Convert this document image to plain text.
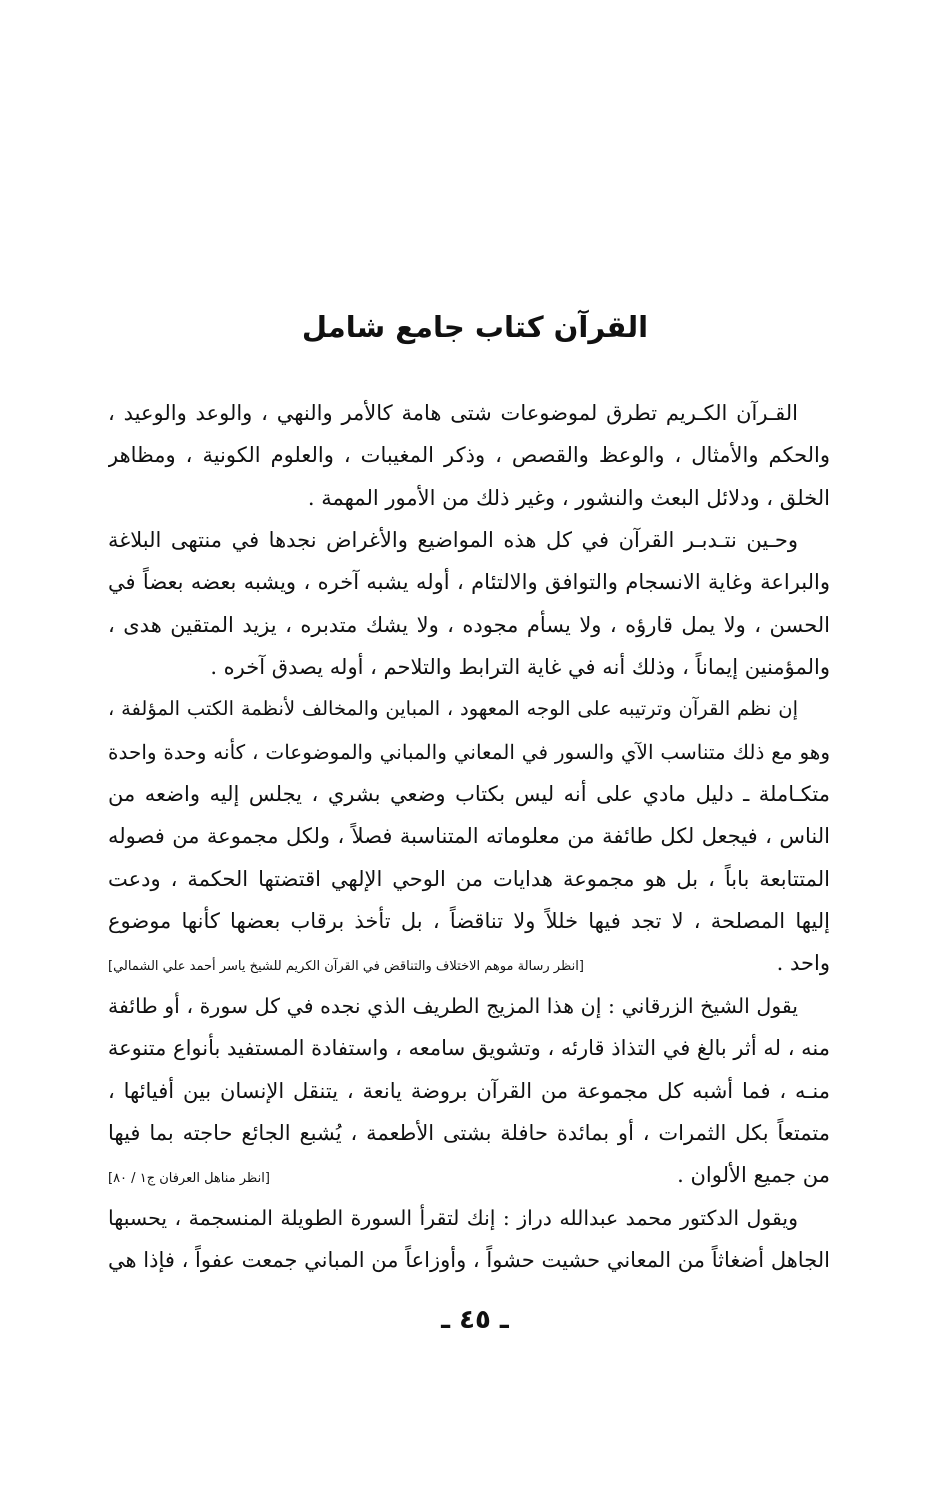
القرآن كتاب جامع شامل
القـرآن الكـريم تطرق لموضوعات شتى هامة كالأمر والنهي ، والوعد والوعيد ،
والحكم والأمثال ، والوعظ والقصص ، وذكر المغيبات ، والعلوم الكونية ، ومظاهر
الخلق ، ودلائل البعث والنشور ، وغير ذلك من الأمور المهمة .
وحـين نتـدبـر القرآن في كل هذه المواضيع والأغراض نجدها في منتهى البلاغة
والبراعة وغاية الانسجام والتوافق والالتئام ، أوله يشبه آخره ، ويشبه بعضه بعضاً في
الحسن ، ولا يمل قارؤه ، ولا يسأم مجوده ، ولا يشك متدبره ، يزيد المتقين هدى ،
والمؤمنين إيماناً ، وذلك أنه في غاية الترابط والتلاحم ، أوله يصدق آخره .
إن نظم القرآن وترتيبه على الوجه المعهود ، المباين والمخالف لأنظمة الكتب المؤلفة ،
وهو مع ذلك متناسب الآي والسور في المعاني والمباني والموضوعات ، كأنه وحدة واحدة
متكـاملة ـ دليل مادي على أنه ليس بكتاب وضعي بشري ، يجلس إليه واضعه من
الناس ، فيجعل لكل طائفة من معلوماته المتناسبة فصلاً ، ولكل مجموعة من فصوله
المتتابعة باباً ، بل هو مجموعة هدايات من الوحي الإلهي اقتضتها الحكمة ، ودعت
إليها المصلحة ، لا تجد فيها خللاً ولا تناقضاً ، بل تأخذ برقاب بعضها كأنها موضوع
واحد .
[انظر رسالة موهم الاختلاف والتناقض في القرآن الكريم للشيخ ياسر أحمد علي الشمالي]
يقول الشيخ الزرقاني : إن هذا المزيج الطريف الذي نجده في كل سورة ، أو طائفة
منه ، له أثر بالغ في التذاذ قارئه ، وتشويق سامعه ، واستفادة المستفيد بأنواع متنوعة
منـه ، فما أشبه كل مجموعة من القرآن بروضة يانعة ، يتنقل الإنسان بين أفيائها ،
متمتعاً بكل الثمرات ، أو بمائدة حافلة بشتى الأطعمة ، يُشبع الجائع حاجته بما فيها
من جميع الألوان .
[انظر مناهل العرفان ج١ / ٨٠]
ويقول الدكتور محمد عبدالله دراز : إنك لتقرأ السورة الطويلة المنسجمة ، يحسبها
الجاهل أضغاثاً من المعاني حشيت حشواً ، وأوزاعاً من المباني جمعت عفواً ، فإذا هي
ـ ٤٥ ـ
